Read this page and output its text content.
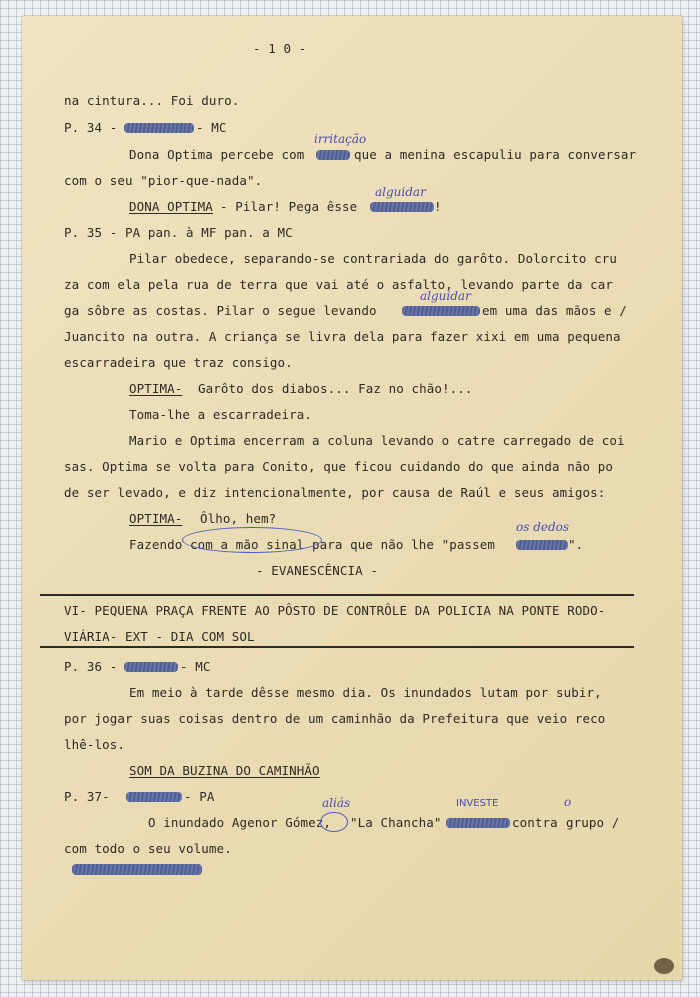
- 1 0 -
na cintura... Foi duro.
P. 34 -	- MC
Dona Optima percebe com
irritação
que a menina escapuliu para conversar
com o seu "pior-que-nada".
DONA OPTIMA - Pilar! Pega êsse
alguidar
!
P. 35 - PA pan. à MF pan. a MC
Pilar obedece, separando-se contrariada do garôto. Dolorcito cru
za com ela pela rua de terra que vai até o asfalto, levando parte da car
ga sôbre as costas. Pilar o segue levando
alguidar
em uma das mãos e /
Juancito na outra. A criança se livra dela para fazer xixi em uma pequena
escarradeira que traz consigo.
OPTIMA- Garôto dos diabos... Faz no chão!...
Toma-lhe a escarradeira.
Mario e Optima encerram a coluna levando o catre carregado de coi
sas. Optima se volta para Conito, que ficou cuidando do que ainda não po
de ser levado, e diz intencionalmente, por causa de Raúl e seus amigos:
OPTIMA- Ôlho, hem?
Fazendo com a mão sinal para que não lhe "passem
os dedos
".
- EVANESCÊNCIA -
VI- PEQUENA PRAÇA FRENTE AO PÔSTO DE CONTRÔLE DA POLICIA NA PONTE RODO-
VIÁRIA- EXT - DIA COM SOL
P. 36 -	- MC
Em meio à tarde dêsse mesmo dia. Os inundados lutam por subir,
por jogar suas coisas dentro de um caminhão da Prefeitura que veio reco
lhê-los.
SOM DA BUZINA DO CAMINHÃO
P. 37-	- PA
O inundado Agenor Gómez,
aliás
"La Chancha"
INVESTE
contra
o
grupo /
com todo o seu volume.
